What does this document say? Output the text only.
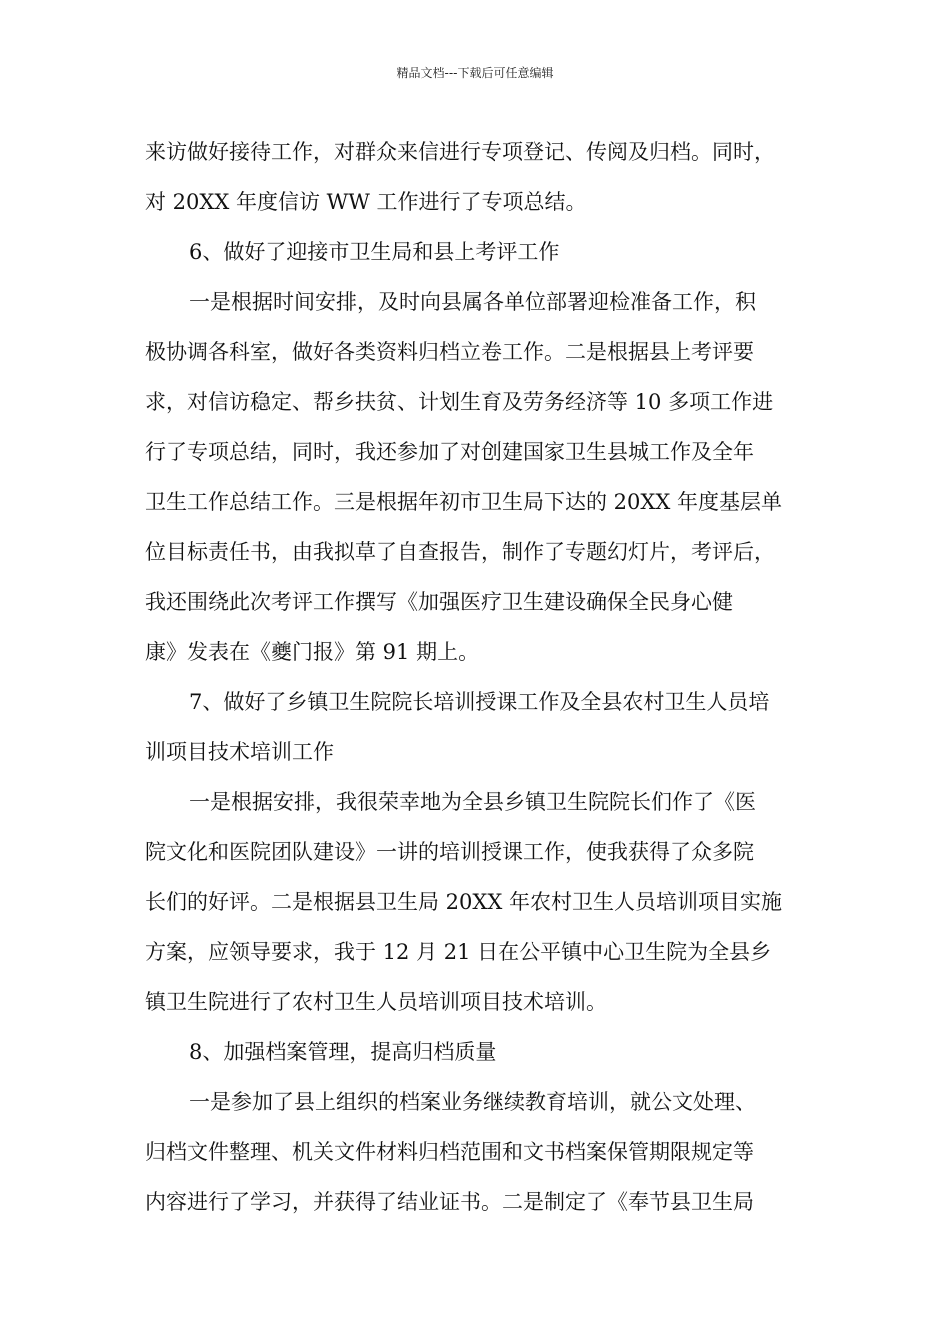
精品文档---下载后可任意编辑
来访做好接待工作，对群众来信进行专项登记、传阅及归档。同时，
对 20XX 年度信访 WW 工作进行了专项总结。
6、做好了迎接市卫生局和县上考评工作
一是根据时间安排，及时向县属各单位部署迎检准备工作，积
极协调各科室，做好各类资料归档立卷工作。二是根据县上考评要
求，对信访稳定、帮乡扶贫、计划生育及劳务经济等 10 多项工作进
行了专项总结，同时，我还参加了对创建国家卫生县城工作及全年
卫生工作总结工作。三是根据年初市卫生局下达的 20XX 年度基层单
位目标责任书，由我拟草了自查报告，制作了专题幻灯片，考评后，
我还围绕此次考评工作撰写《加强医疗卫生建设确保全民身心健
康》发表在《夔门报》第 91 期上。
7、做好了乡镇卫生院院长培训授课工作及全县农村卫生人员培
训项目技术培训工作
一是根据安排，我很荣幸地为全县乡镇卫生院院长们作了《医
院文化和医院团队建设》一讲的培训授课工作，使我获得了众多院
长们的好评。二是根据县卫生局 20XX 年农村卫生人员培训项目实施
方案，应领导要求，我于 12 月 21 日在公平镇中心卫生院为全县乡
镇卫生院进行了农村卫生人员培训项目技术培训。
8、加强档案管理，提高归档质量
一是参加了县上组织的档案业务继续教育培训，就公文处理、
归档文件整理、机关文件材料归档范围和文书档案保管期限规定等
内容进行了学习，并获得了结业证书。二是制定了《奉节县卫生局
